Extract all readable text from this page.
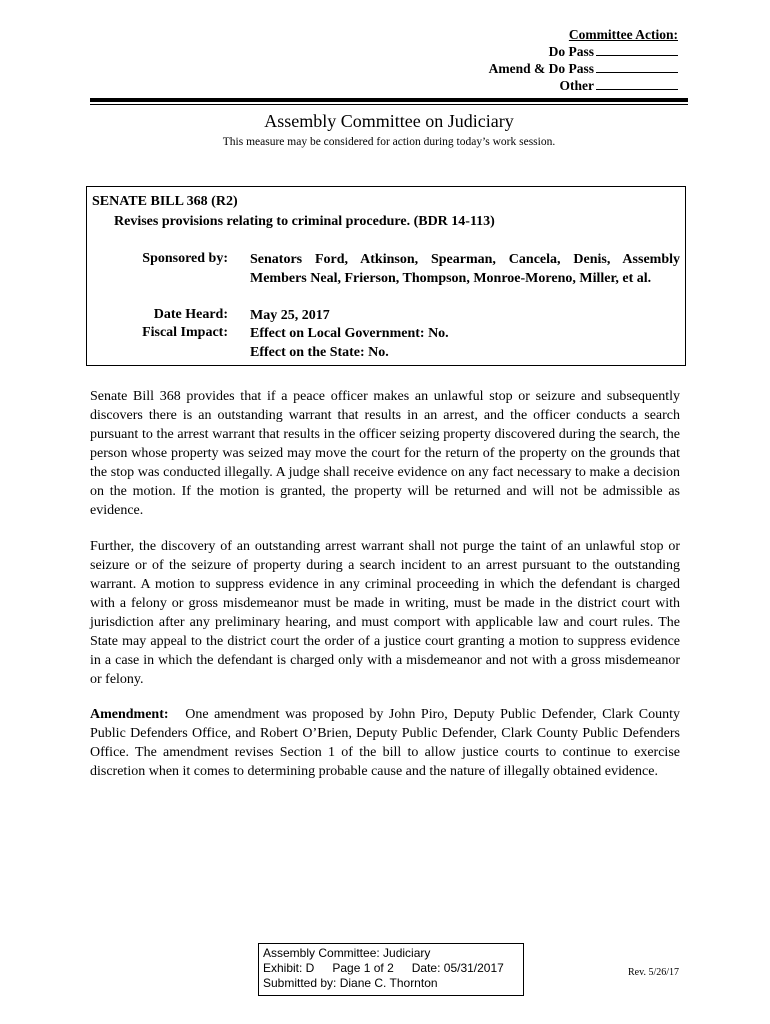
Committee Action:
Do Pass
Amend & Do Pass
Other
Assembly Committee on Judiciary
This measure may be considered for action during today’s work session.
SENATE BILL 368 (R2)
Revises provisions relating to criminal procedure. (BDR 14-113)
Sponsored by: Senators Ford, Atkinson, Spearman, Cancela, Denis, Assembly Members Neal, Frierson, Thompson, Monroe-Moreno, Miller, et al.
Date Heard: May 25, 2017
Fiscal Impact: Effect on Local Government: No.
Effect on the State: No.
Senate Bill 368 provides that if a peace officer makes an unlawful stop or seizure and subsequently discovers there is an outstanding warrant that results in an arrest, and the officer conducts a search pursuant to the arrest warrant that results in the officer seizing property discovered during the search, the person whose property was seized may move the court for the return of the property on the grounds that the stop was conducted illegally. A judge shall receive evidence on any fact necessary to make a decision on the motion. If the motion is granted, the property will be returned and will not be admissible as evidence.
Further, the discovery of an outstanding arrest warrant shall not purge the taint of an unlawful stop or seizure or of the seizure of property during a search incident to an arrest pursuant to the outstanding warrant. A motion to suppress evidence in any criminal proceeding in which the defendant is charged with a felony or gross misdemeanor must be made in writing, must be made in the district court with jurisdiction after any preliminary hearing, and must comport with applicable law and court rules. The State may appeal to the district court the order of a justice court granting a motion to suppress evidence in a case in which the defendant is charged only with a misdemeanor and not with a gross misdemeanor or felony.
Amendment: One amendment was proposed by John Piro, Deputy Public Defender, Clark County Public Defenders Office, and Robert O’Brien, Deputy Public Defender, Clark County Public Defenders Office. The amendment revises Section 1 of the bill to allow justice courts to continue to exercise discretion when it comes to determining probable cause and the nature of illegally obtained evidence.
Assembly Committee: Judiciary
Exhibit: D Page 1 of 2 Date: 05/31/2017
Submitted by: Diane C. Thornton
Rev. 5/26/17
